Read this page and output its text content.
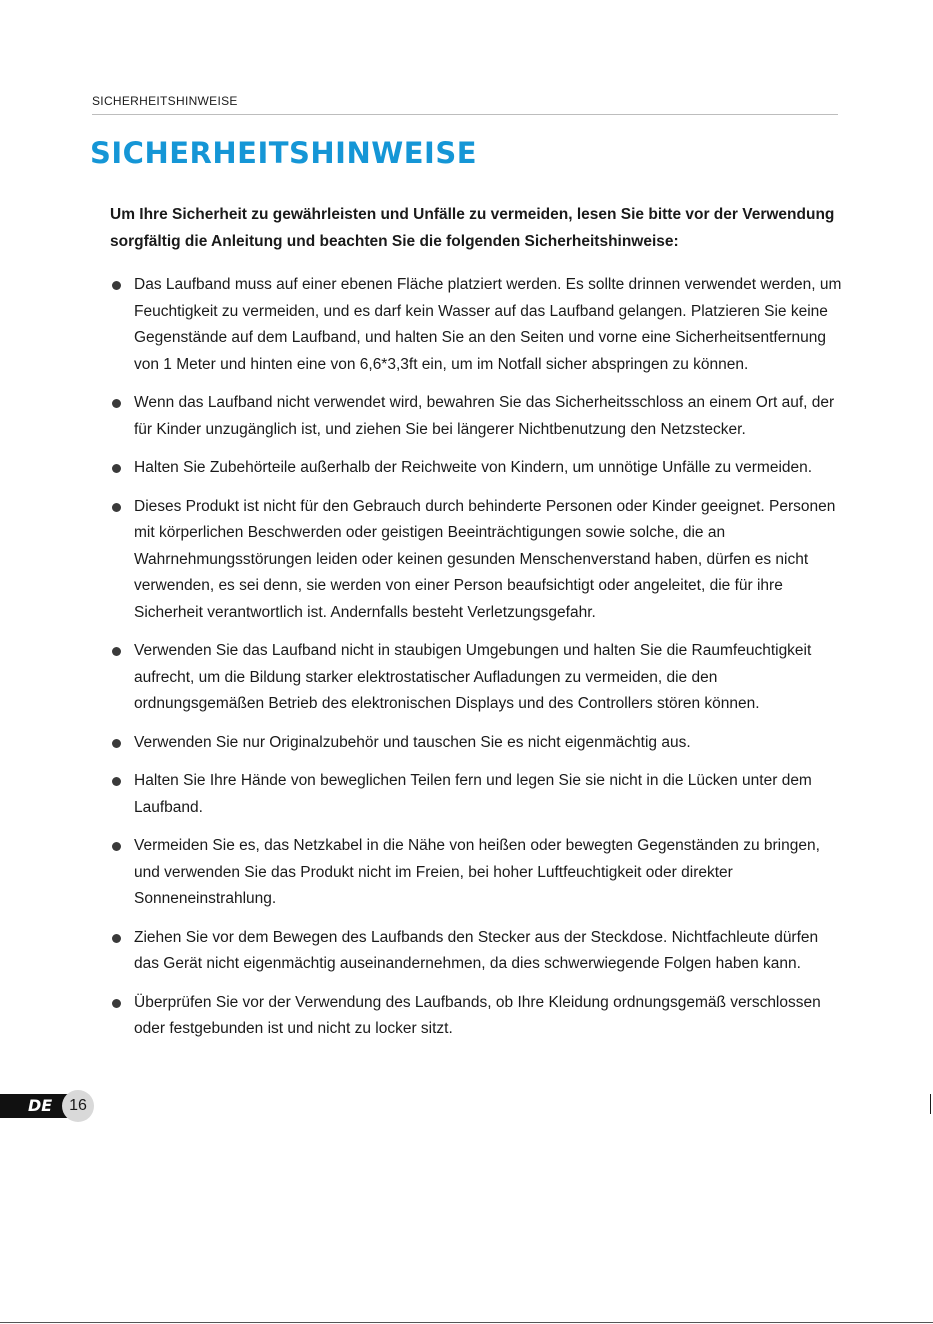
SICHERHEITSHINWEISE
SICHERHEITSHINWEISE

Um Ihre Sicherheit zu gewährleisten und Unfälle zu vermeiden, lesen Sie bitte vor der Verwendung sorgfältig die Anleitung und beachten Sie die folgenden Sicherheitshinweise:

Das Laufband muss auf einer ebenen Fläche platziert werden. Es sollte drinnen verwendet werden, um Feuchtigkeit zu vermeiden, und es darf kein Wasser auf das Laufband gelangen. Platzieren Sie keine Gegenstände auf dem Laufband, und halten Sie an den Seiten und vorne eine Sicherheitsentfernung von 1 Meter und hinten eine von 6,6*3,3ft ein, um im Notfall sicher abspringen zu können.
Wenn das Laufband nicht verwendet wird, bewahren Sie das Sicherheitsschloss an einem Ort auf, der für Kinder unzugänglich ist, und ziehen Sie bei längerer Nichtbenutzung den Netzstecker.
Halten Sie Zubehörteile außerhalb der Reichweite von Kindern, um unnötige Unfälle zu vermeiden.
Dieses Produkt ist nicht für den Gebrauch durch behinderte Personen oder Kinder geeignet. Personen mit körperlichen Beschwerden oder geistigen Beeinträchtigungen sowie solche, die an Wahrnehmungsstörungen leiden oder keinen gesunden Menschenverstand haben, dürfen es nicht verwenden, es sei denn, sie werden von einer Person beaufsichtigt oder angeleitet, die für ihre Sicherheit verantwortlich ist. Andernfalls besteht Verletzungsgefahr.
Verwenden Sie das Laufband nicht in staubigen Umgebungen und halten Sie die Raumfeuchtigkeit aufrecht, um die Bildung starker elektrostatischer Aufladungen zu vermeiden, die den ordnungsgemäßen Betrieb des elektronischen Displays und des Controllers stören können.
Verwenden Sie nur Originalzubehör und tauschen Sie es nicht eigenmächtig aus.
Halten Sie Ihre Hände von beweglichen Teilen fern und legen Sie sie nicht in die Lücken unter dem Laufband.
Vermeiden Sie es, das Netzkabel in die Nähe von heißen oder bewegten Gegenständen zu bringen, und verwenden Sie das Produkt nicht im Freien, bei hoher Luftfeuchtigkeit oder direkter Sonneneinstrahlung.
Ziehen Sie vor dem Bewegen des Laufbands den Stecker aus der Steckdose. Nichtfachleute dürfen das Gerät nicht eigenmächtig auseinandernehmen, da dies schwerwiegende Folgen haben kann.
Überprüfen Sie vor der Verwendung des Laufbands, ob Ihre Kleidung ordnungsgemäß verschlossen oder festgebunden ist und nicht zu locker sitzt.
DE	16
